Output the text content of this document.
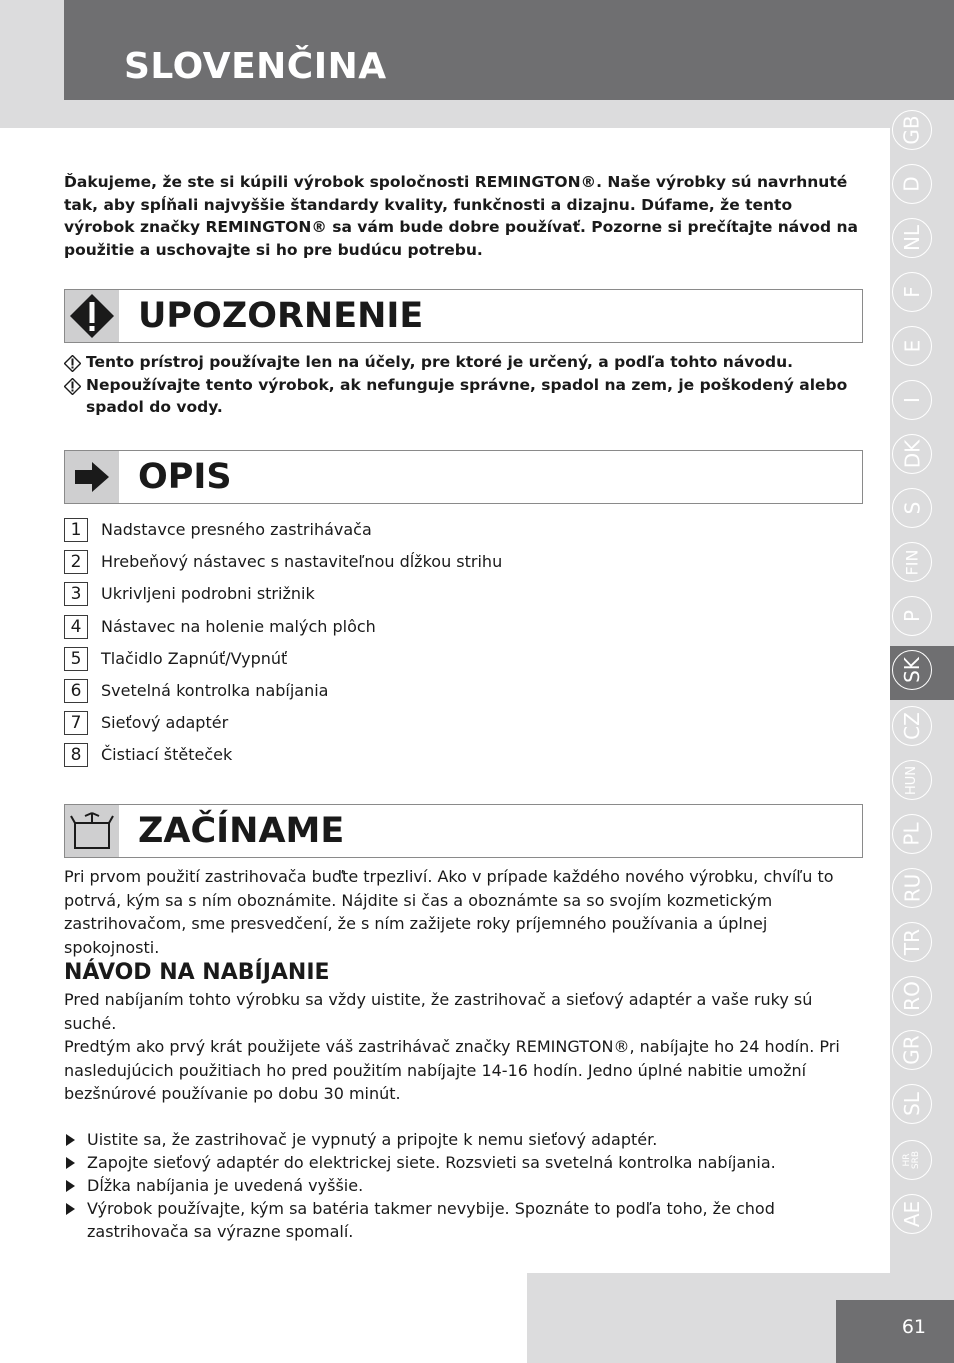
SLOVENČINA
GB
D
NL
F
E
I
DK
S
FIN
P
SK
CZ
HUN
PL
RU
TR
RO
GR
SL
HR
SRB
AE
61

Ďakujeme, že ste si kúpili výrobok spoločnosti REMINGTON®. Naše výrobky sú navrhnuté tak, aby spĺňali najvyššie štandardy kvality, funkčnosti a dizajnu. Dúfame, že tento výrobok značky REMINGTON® sa vám bude dobre používať. Pozorne si prečítajte návod na použitie a uschovajte si ho pre budúcu potrebu.

UPOZORNENIE
Tento prístroj používajte len na účely, pre ktoré je určený, a podľa tohto návodu.
Nepoužívajte tento výrobok, ak nefunguje správne, spadol na zem, je poškodený alebo spadol do vody.
OPIS
1	Nadstavce presného zastrihávača
2	Hrebeňový nástavec s nastaviteľnou dĺžkou strihu
3	Ukrivljeni podrobni strižnik
4	Nástavec na holenie malých plôch
5	Tlačidlo Zapnúť/Vypnúť
6	Svetelná kontrolka nabíjania
7	Sieťový adaptér
8	Čistiací štěteček
ZAČÍNAME

Pri prvom použití zastrihovača buďte trpezliví. Ako v prípade každého nového výrobku, chvíľu to potrvá, kým sa s ním oboznámite. Nájdite si čas a oboznámte sa so svojím kozmetickým zastrihovačom, sme presvedčení, že s ním zažijete roky príjemného používania a úplnej spokojnosti.

NÁVOD NA NABÍJANIE

Pred nabíjaním tohto výrobku sa vždy uistite, že zastrihovač a sieťový adaptér a vaše ruky sú suché.

Predtým ako prvý krát použijete váš zastrihávač značky REMINGTON®, nabíjajte ho 24 hodín. Pri nasledujúcich použitiach ho pred použitím nabíjajte 14-16 hodín. Jedno úplné nabitie umožní bezšnúrové používanie po dobu 30 minút.

Uistite sa, že zastrihovač je vypnutý a pripojte k nemu sieťový adaptér.
Zapojte sieťový adaptér do elektrickej siete. Rozsvieti sa svetelná kontrolka nabíjania.
Dĺžka nabíjania je uvedená vyššie.
Výrobok používajte, kým sa batéria takmer nevybije. Spoznáte to podľa toho, že chod zastrihovača sa výrazne spomalí.
